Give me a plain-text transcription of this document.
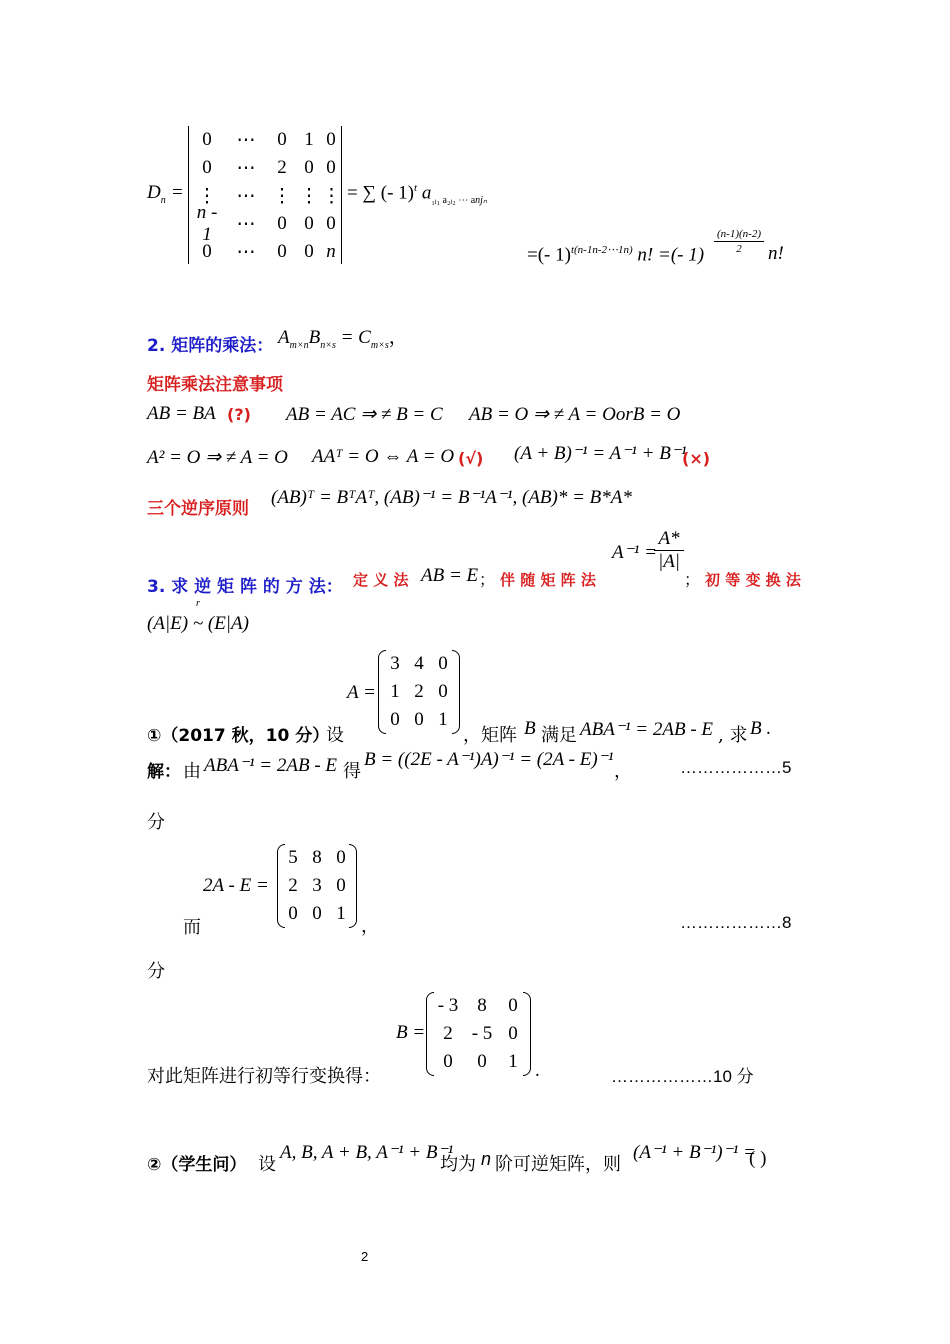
$D_n$ =
0	⋯	0 1 0
0	⋯	2 0 0
⋮	⋯ ⋮ ⋮ ⋮
n - 1	⋯	0 0 0
0	⋯	0 0 n
= ∑ (- 1)$^t$ $a_{_1ⱼ_1 a_2ⱼ_2 \cdots anj_n}$
=(- 1)$^{t(n-1n-2\cdots 1n)}$ n! =(- 1)
(n-1)(n-2)
2	n!
2. 矩阵的乘法： $A_{m\times n}B_{n\times s} = C_{m\times s}$，
矩阵乘法注意事项
AB = BA (?) AB = AC ⇒ ≠ B = C AB = O ⇒ ≠ A = OorB = O
A² = O ⇒ ≠ A = O AAᵀ = O ⇔ A = O (√) (A + B)⁻¹ = A⁻¹ + B⁻¹
(×)
三个逆序原则
(AB)ᵀ = BᵀAᵀ, (AB)⁻¹ = B⁻¹A⁻¹, (AB)* = B*A*
A⁻¹ =
A*
|A|
3. 求 逆 矩 阵 的 方 法： 定 义 法 AB = E ； 伴 随 矩 阵 法	； 初 等 变 换 法
r
(A|E) ~ (E|A)
A =
3 4 0
1 2 0
0 0 1
①（2017 秋，10 分）
设	，矩阵 B 满足 ABA⁻¹ = 2AB - E , 求 B .
解： 由 ABA⁻¹ = 2AB - E 得
B = ((2E - A⁻¹)A)⁻¹ = (2A - E)⁻¹
，	………………5
分
2A - E =
5 8 0
2 3 0
0 0 1
而	，	………………8
分
B =
- 3 8	0
2 - 5 0
0	0	1
对此矩阵进行初等行变换得：	.	………………10 分
②（学生问） 设
A, B, A + B, A⁻¹ + B⁻¹
均为 n 阶可逆矩阵，则
(A⁻¹ + B⁻¹)⁻¹ =
( )
2
